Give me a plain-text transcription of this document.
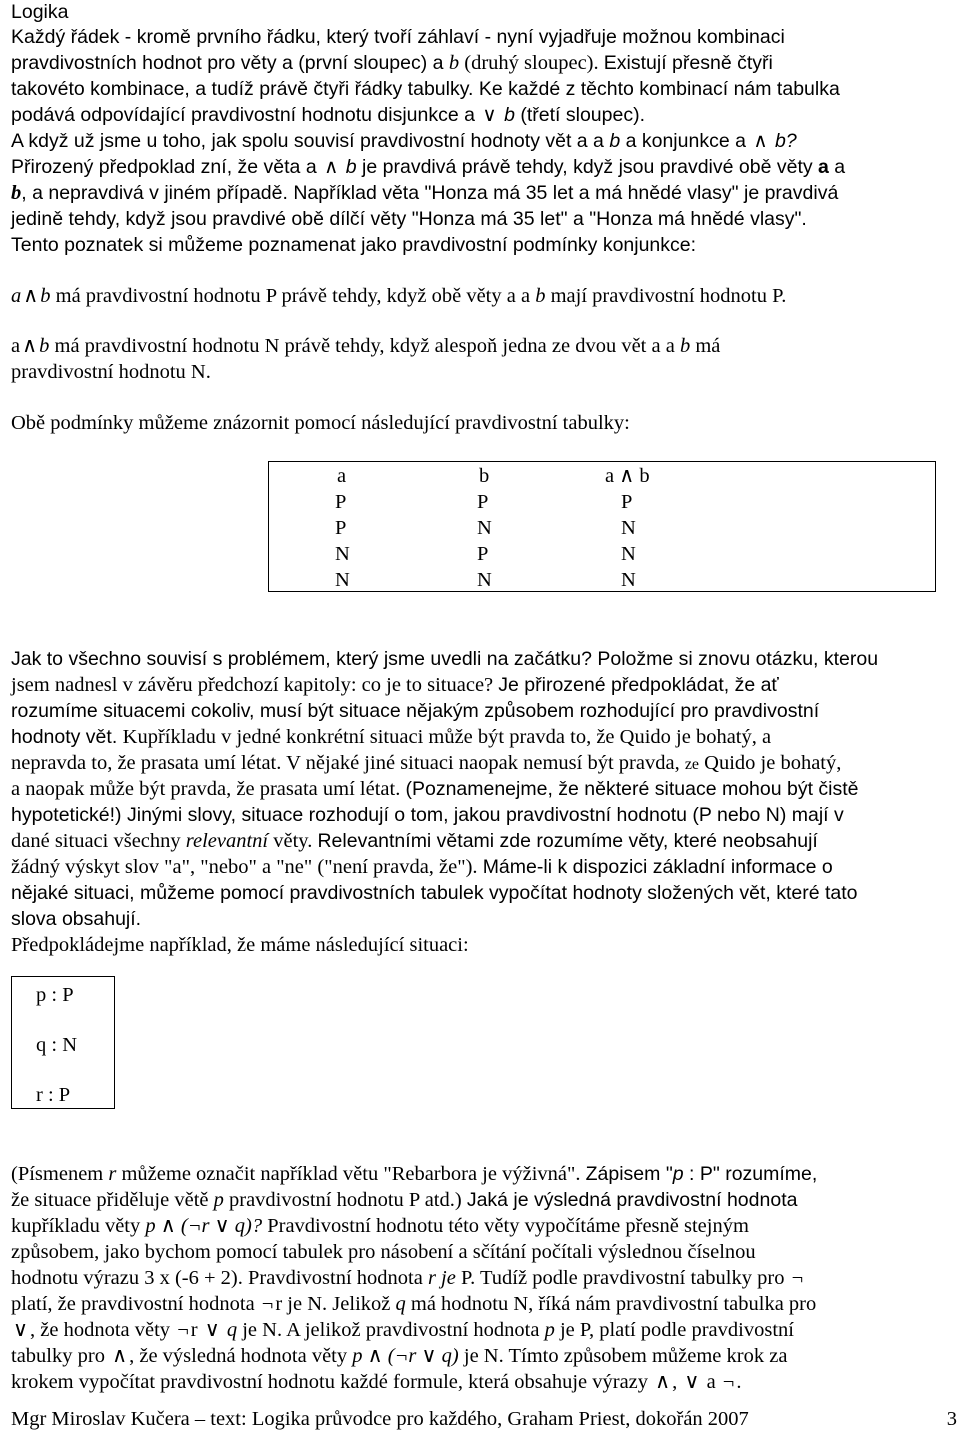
Logika
Každý řádek - kromě prvního řádku, který tvoří záhlaví - nyní vyjadřuje možnou kombinaci
pravdivostních hodnot pro věty a (první sloupec) a b (druhý sloupec). Existují přesně čtyři
takovéto kombinace, a tudíž právě čtyři řádky tabulky. Ke každé z těchto kombinací nám tabulka
podává odpovídající pravdivostní hodnotu disjunkce a ∨ b (třetí sloupec).
A když už jsme u toho, jak spolu souvisí pravdivostní hodnoty vět a a b a konjunkce a ∧ b?
Přirozený předpoklad zní, že věta a ∧ b je pravdivá právě tehdy, když jsou pravdivé obě věty a a
b, a nepravdivá v jiném případě. Například věta "Honza má 35 let a má hnědé vlasy" je pravdivá
jedině tehdy, když jsou pravdivé obě dílčí věty "Honza má 35 let" a "Honza má hnědé vlasy".
Tento poznatek si můžeme poznamenat jako pravdivostní podmínky konjunkce:
a∧b má pravdivostní hodnotu P právě tehdy, když obě věty a a b mají pravdivostní hodnotu P.
a∧b má pravdivostní hodnotu N právě tehdy, když alespoň jedna ze dvou vět a a b má
pravdivostní hodnotu N.
Obě podmínky můžeme znázornit pomocí následující pravdivostní tabulky:
a	b	a ∧ b
P	P	P
P	N	N
N	P	N
N	N	N
Jak to všechno souvisí s problémem, který jsme uvedli na začátku? Položme si znovu otázku, kterou
jsem nadnesl v závěru předchozí kapitoly: co je to situace? Je přirozené předpokládat, že ať
rozumíme situacemi cokoliv, musí být situace nějakým způsobem rozhodující pro pravdivostní
hodnoty vět. Kupříkladu v jedné konkrétní situaci může být pravda to, že Quido je bohatý, a
nepravda to, že prasata umí létat. V nějaké jiné situaci naopak nemusí být pravda, ze Quido je bohatý,
a naopak může být pravda, že prasata umí létat. (Poznamenejme, že některé situace mohou být čistě
hypotetické!) Jinými slovy, situace rozhodují o tom, jakou pravdivostní hodnotu (P nebo N) mají v
dané situaci všechny relevantní věty. Relevantními větami zde rozumíme věty, které neobsahují
žádný výskyt slov "a", "nebo" a "ne" ("není pravda, že"). Máme-li k dispozici základní informace o
nějaké situaci, můžeme pomocí pravdivostních tabulek vypočítat hodnoty složených vět, které tato
slova obsahují.
Předpokládejme například, že máme následující situaci:
p : P
q : N
r : P
(Písmenem r můžeme označit například větu "Rebarbora je výživná". Zápisem "p : P" rozumíme,
že situace přiděluje větě p pravdivostní hodnotu P atd.) Jaká je výsledná pravdivostní hodnota
kupříkladu věty p ∧ (¬r ∨ q)? Pravdivostní hodnotu této věty vypočítáme přesně stejným
způsobem, jako bychom pomocí tabulek pro násobení a sčítání počítali výslednou číselnou
hodnotu výrazu 3 x (-6 + 2). Pravdivostní hodnota r je P. Tudíž podle pravdivostní tabulky pro ¬
platí, že pravdivostní hodnota ¬r je N. Jelikož q má hodnotu N, říká nám pravdivostní tabulka pro
∨, že hodnota věty ¬r ∨ q je N. A jelikož pravdivostní hodnota p je P, platí podle pravdivostní
tabulky pro ∧, že výsledná hodnota věty p ∧ (¬r ∨ q) je N. Tímto způsobem můžeme krok za
krokem vypočítat pravdivostní hodnotu každé formule, která obsahuje výrazy ∧, ∨ a ¬.
Mgr Miroslav Kučera – text: Logika průvodce pro každého, Graham Priest, dokořán 2007	3
